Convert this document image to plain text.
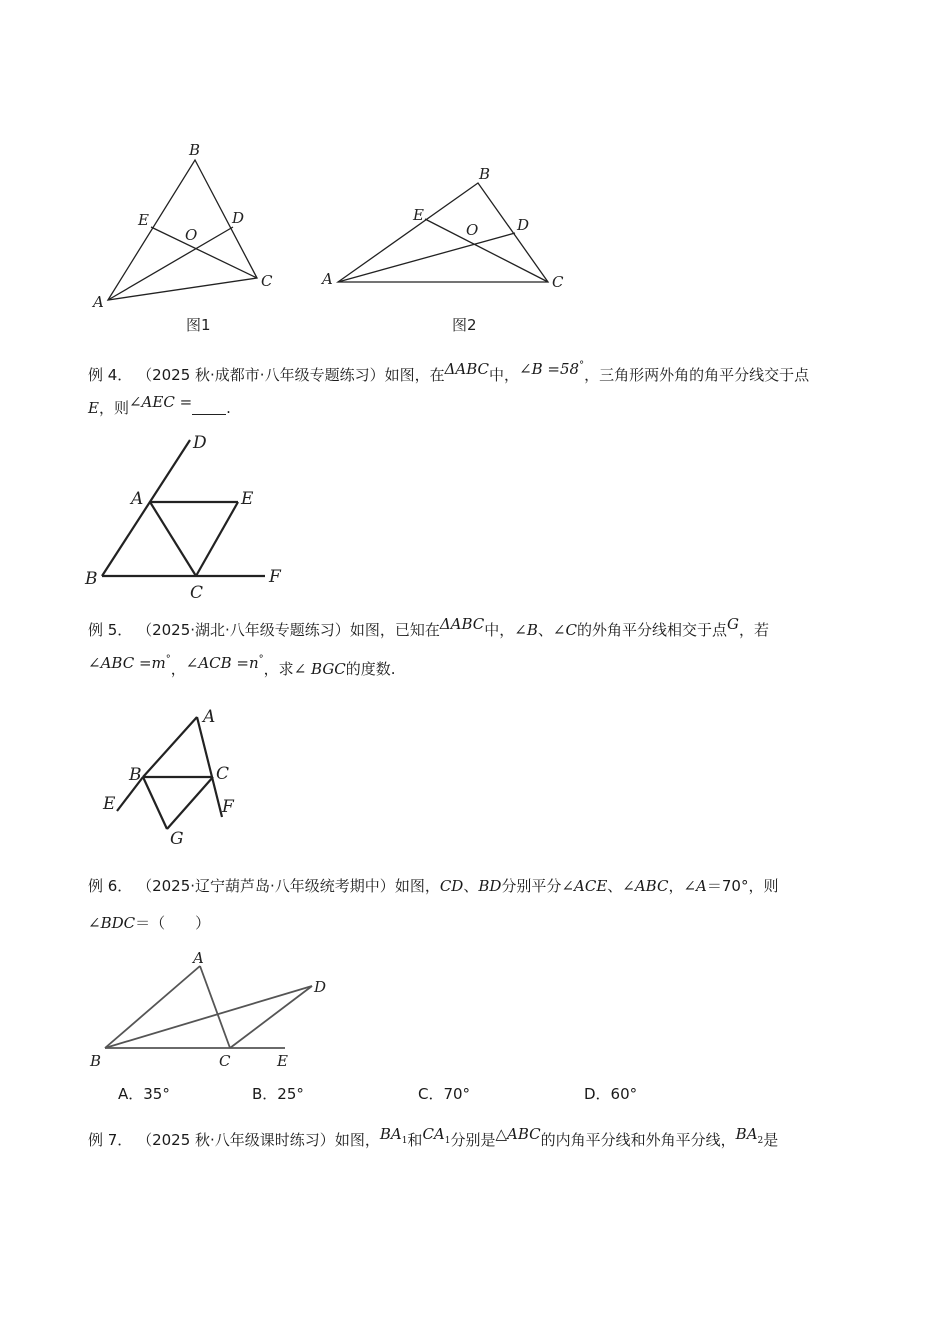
A
B
C
D
E
O
图1
A
B
C
D
E
O
图2
例 4． （2025 秋·成都市·八年级专题练习）如图，在ΔABC中，∠B =58°，三角形两外角的角平分线交于点
E，则∠AEC = .
A
B
C
D
E
F
例 5． （2025·湖北·八年级专题练习）如图，已知在ΔABC中，∠B、∠C的外角平分线相交于点G，若
∠ABC =m°，∠ACB =n°，求∠ BGC的度数.
A
B	C
E	F
G
例 6． （2025·辽宁葫芦岛·八年级统考期中）如图，CD、BD分别平分∠ACE、∠ABC，∠A＝70°，则
∠BDC＝（　　）
A
B	C
D
E
A．35°	B．25°	C．70°	D．60°
例 7． （2025 秋·八年级课时练习）如图，$BA_1$和$CA_1$分别是△ABC的内角平分线和外角平分线，$BA_2$是
